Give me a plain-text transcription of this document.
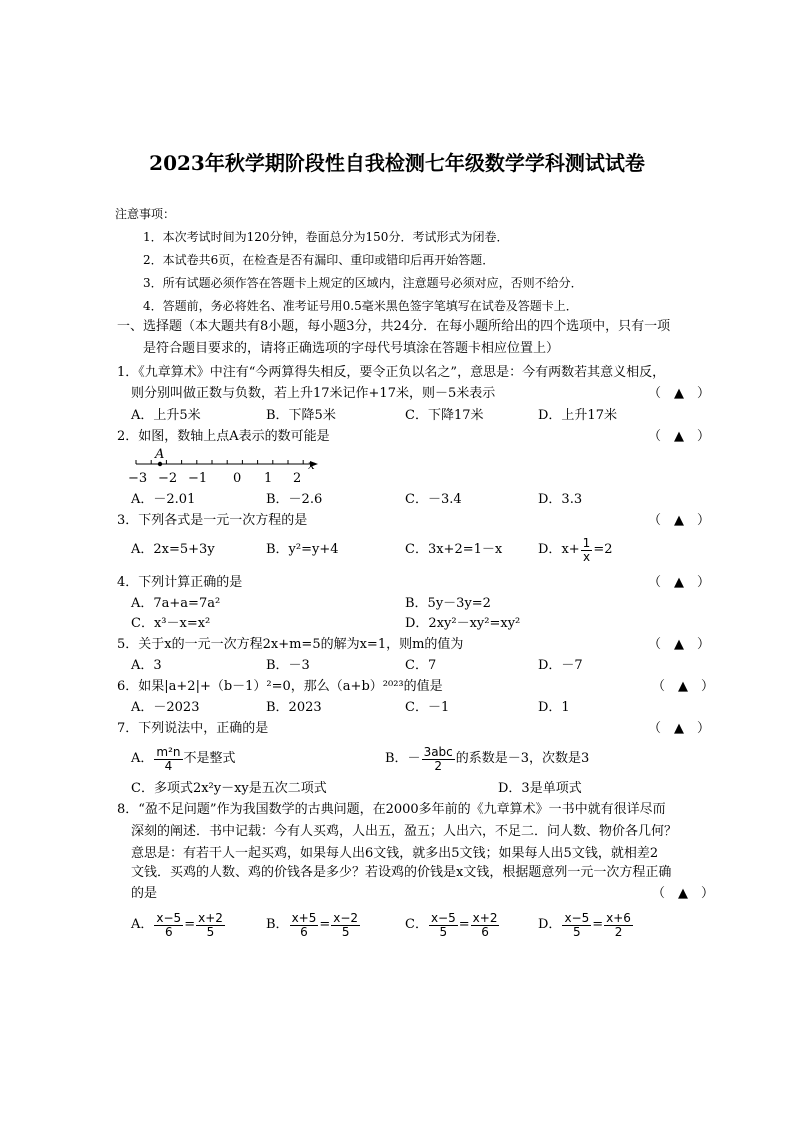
2023年秋学期阶段性自我检测七年级数学学科测试试卷
注意事项：
1．本次考试时间为120分钟，卷面总分为150分．考试形式为闭卷．
2．本试卷共6页，在检查是否有漏印、重印或错印后再开始答题．
3．所有试题必须作答在答题卡上规定的区域内，注意题号必须对应，否则不给分．
4．答题前，务必将姓名、准考证号用0.5毫米黑色签字笔填写在试卷及答题卡上．
一、选择题（本大题共有8小题，每小题3分，共24分．在每小题所给出的四个选项中，只有一项
是符合题目要求的，请将正确选项的字母代号填涂在答题卡相应位置上）
1．《九章算术》中注有“今两算得失相反，要令正负以名之”，意思是：今有两数若其意义相反，
则分别叫做正数与负数，若上升17米记作+17米，则－5米表示	（　▲　）
A．上升5米	B．下降5米	C．下降17米	D．上升17米
2．如图，数轴上点A表示的数可能是	（　▲　）
A
x
−3 −2 −1 0 1 2
A．－2.01	B．－2.6	C．－3.4	D．3.3
3．下列各式是一元一次方程的是	（　▲　）
A．2x=5+3y	B．y²=y+4	C．3x+2=1－x	D． $x+ \frac{1}{x} =2$
4．下列计算正确的是	（　▲　）
A．7a+a=7a²	B．5y－3y=2
C．x³－x=x²	D．2xy²－xy²=xy²
5．关于x的一元一次方程2x+m=5的解为x=1，则m的值为	（　▲　）
A．3	B．－3	C．7	D．－7
6．如果|a+2|+（b－1）²=0，那么（a+b）²⁰²³的值是	（　▲　）
A．－2023	B．2023	C．－1	D．1
7．下列说法中，正确的是	（　▲　）
A． $\frac{\text{m²n}}{4}$ 不是整式	B．－ $\frac{\text{3abc}}{2}$ 的系数是－3，次数是3
C．多项式2x²y－xy是五次二项式	D．3是单项式
8．“盈不足问题”作为我国数学的古典问题，在2000多年前的《九章算术》一书中就有很详尽而
深刻的阐述．书中记载：今有人买鸡，人出五，盈五；人出六，不足二．问人数、物价各几何？
意思是：有若干人一起买鸡，如果每人出6文钱，就多出5文钱；如果每人出5文钱，就相差2
文钱．买鸡的人数、鸡的价钱各是多少？若设鸡的价钱是x文钱，根据题意列一元一次方程正确
的是	（　▲　）
A． $\frac{x-5}{6} = \frac{x+2}{5}$	B． $\frac{x+5}{6} = \frac{x-2}{5}$	C． $\frac{x-5}{5} = \frac{x+2}{6}$	D． $\frac{x-5}{5} = \frac{x+6}{2}$
